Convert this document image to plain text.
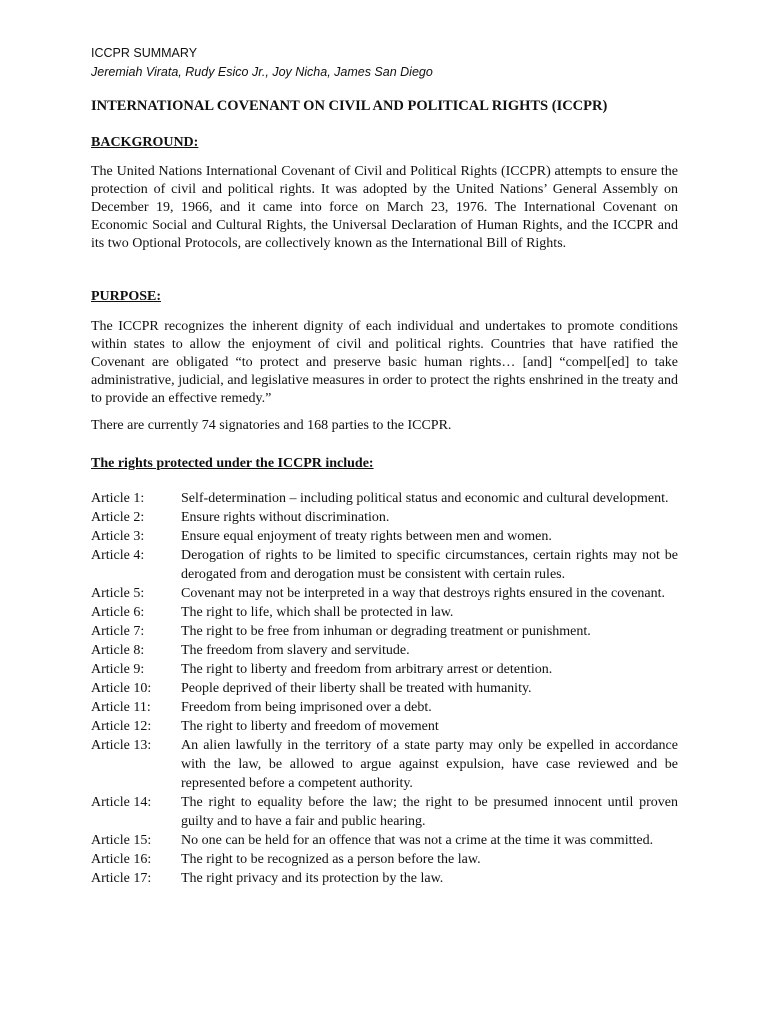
ICCPR SUMMARY
Jeremiah Virata, Rudy Esico Jr., Joy Nicha, James San Diego
INTERNATIONAL COVENANT ON CIVIL AND POLITICAL RIGHTS (ICCPR)
BACKGROUND:
The United Nations International Covenant of Civil and Political Rights (ICCPR) attempts to ensure the protection of civil and political rights. It was adopted by the United Nations’ General Assembly on December 19, 1966, and it came into force on March 23, 1976. The International Covenant on Economic Social and Cultural Rights, the Universal Declaration of Human Rights, and the ICCPR and its two Optional Protocols, are collectively known as the International Bill of Rights.
PURPOSE:
The ICCPR recognizes the inherent dignity of each individual and undertakes to promote conditions within states to allow the enjoyment of civil and political rights. Countries that have ratified the Covenant are obligated “to protect and preserve basic human rights… [and] “compel[ed] to take administrative, judicial, and legislative measures in order to protect the rights enshrined in the treaty and to provide an effective remedy.”
There are currently 74 signatories and 168 parties to the ICCPR.
The rights protected under the ICCPR include:
Article 1:	Self-determination – including political status and economic and cultural development.
Article 2:	Ensure rights without discrimination.
Article 3:	Ensure equal enjoyment of treaty rights between men and women.
Article 4:	Derogation of rights to be limited to specific circumstances, certain rights may not be derogated from and derogation must be consistent with certain rules.
Article 5:	Covenant may not be interpreted in a way that destroys rights ensured in the covenant.
Article 6:	The right to life, which shall be protected in law.
Article 7:	The right to be free from inhuman or degrading treatment or punishment.
Article 8:	The freedom from slavery and servitude.
Article 9:	The right to liberty and freedom from arbitrary arrest or detention.
Article 10:	People deprived of their liberty shall be treated with humanity.
Article 11:	Freedom from being imprisoned over a debt.
Article 12:	The right to liberty and freedom of movement
Article 13:	An alien lawfully in the territory of a state party may only be expelled in accordance with the law, be allowed to argue against expulsion, have case reviewed and be represented before a competent authority.
Article 14:	The right to equality before the law; the right to be presumed innocent until proven guilty and to have a fair and public hearing.
Article 15:	No one can be held for an offence that was not a crime at the time it was committed.
Article 16:	The right to be recognized as a person before the law.
Article 17:	The right privacy and its protection by the law.
